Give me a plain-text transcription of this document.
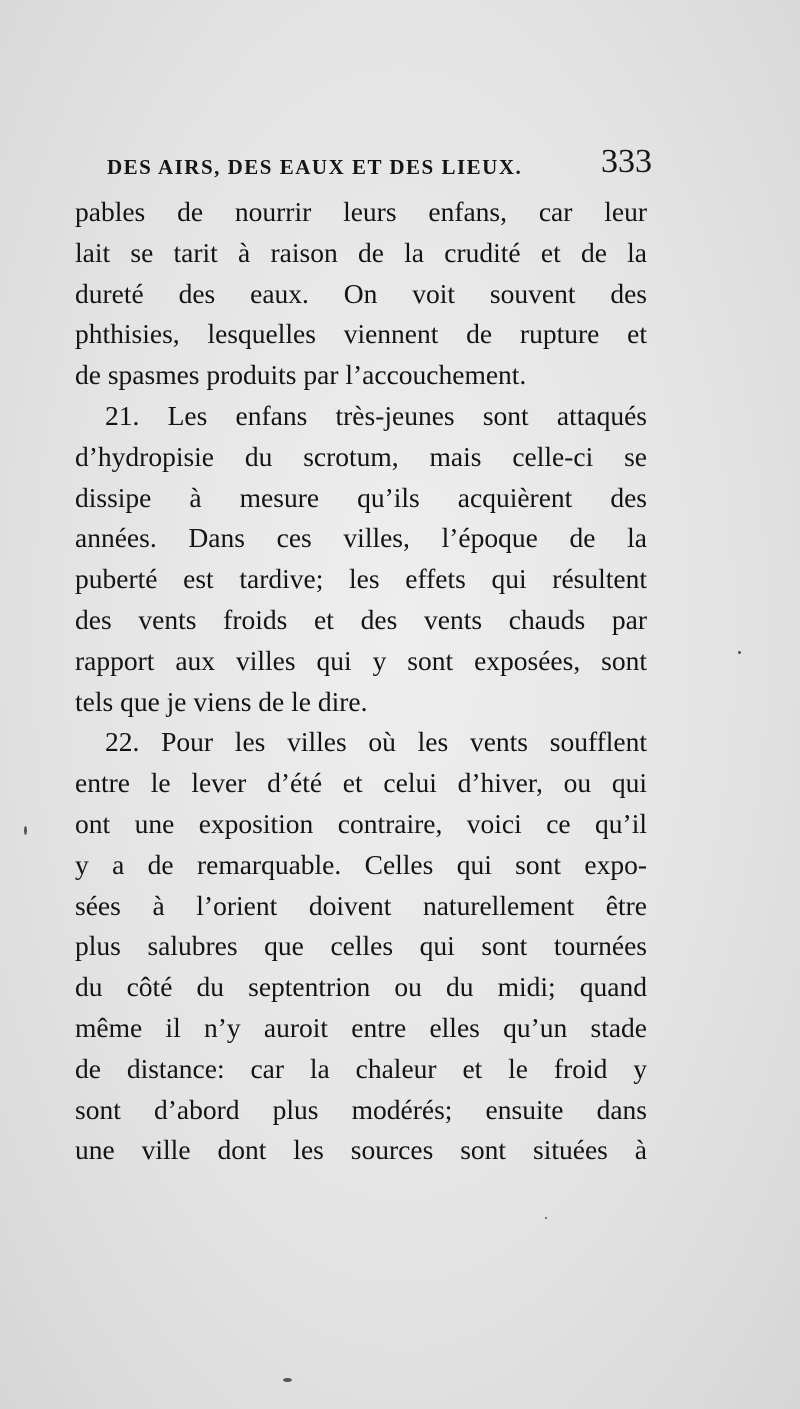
DES AIRS, DES EAUX ET DES LIEUX. 333
pables de nourrir leurs enfans, car leur
lait se tarit à raison de la crudité et de la
dureté des eaux. On voit souvent des
phthisies, lesquelles viennent de rupture et
de spasmes produits par l’accouchement.
21. Les enfans très-jeunes sont attaqués
d’hydropisie du scrotum, mais celle-ci se
dissipe à mesure qu’ils acquièrent des
années. Dans ces villes, l’époque de la
puberté est tardive; les effets qui résultent
des vents froids et des vents chauds par
rapport aux villes qui y sont exposées, sont
tels que je viens de le dire.
22. Pour les villes où les vents soufflent
entre le lever d’été et celui d’hiver, ou qui
ont une exposition contraire, voici ce qu’il
y a de remarquable. Celles qui sont expo-
sées à l’orient doivent naturellement être
plus salubres que celles qui sont tournées
du côté du septentrion ou du midi; quand
même il n’y auroit entre elles qu’un stade
de distance: car la chaleur et le froid y
sont d’abord plus modérés; ensuite dans
une ville dont les sources sont situées à
